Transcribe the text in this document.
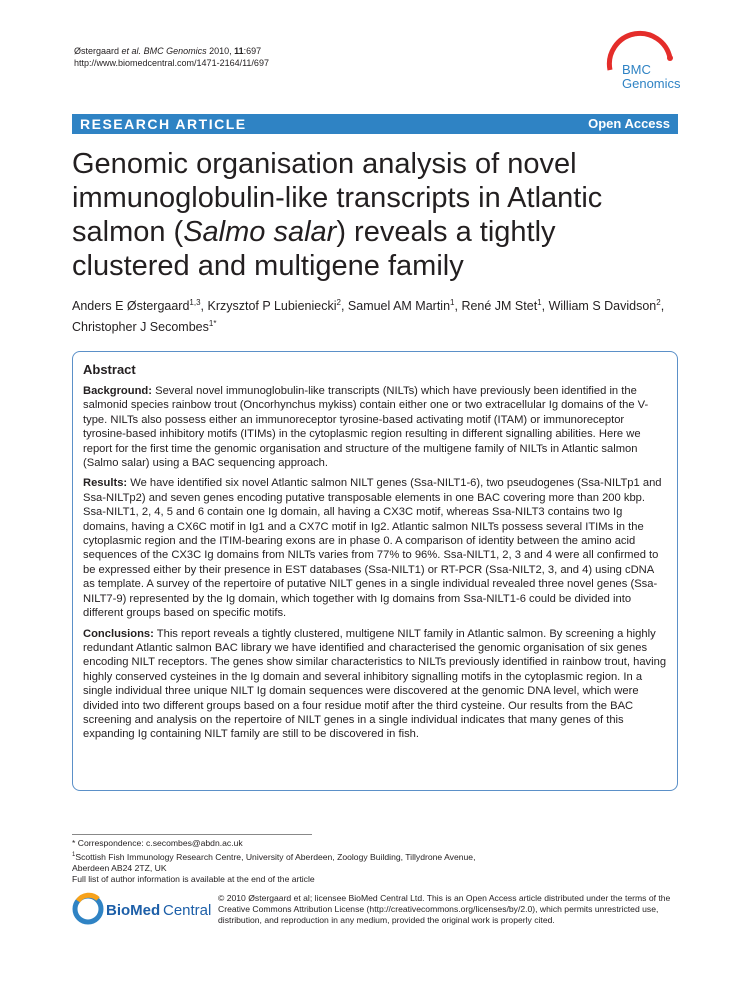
Østergaard et al. BMC Genomics 2010, 11:697
http://www.biomedcentral.com/1471-2164/11/697	BMC
Genomics
RESEARCH ARTICLE	Open Access
Genomic organisation analysis of novel immunoglobulin-like transcripts in Atlantic salmon (Salmo salar) reveals a tightly clustered and multigene family
Anders E Østergaard$^{1,3}$, Krzysztof P Lubieniecki$^2$, Samuel AM Martin$^1$, René JM Stet$^1$, William S Davidson$^2$,
Christopher J Secombes$^{1*}$
Abstract

Background: Several novel immunoglobulin-like transcripts (NILTs) which have previously been identified in the salmonid species rainbow trout (Oncorhynchus mykiss) contain either one or two extracellular Ig domains of the V-type. NILTs also possess either an immunoreceptor tyrosine-based activating motif (ITAM) or immunoreceptor tyrosine-based inhibitory motifs (ITIMs) in the cytoplasmic region resulting in different signalling abilities. Here we report for the first time the genomic organisation and structure of the multigene family of NILTs in Atlantic salmon (Salmo salar) using a BAC sequencing approach.

Results: We have identified six novel Atlantic salmon NILT genes (Ssa-NILT1-6), two pseudogenes (Ssa-NILTp1 and Ssa-NILTp2) and seven genes encoding putative transposable elements in one BAC covering more than 200 kbp. Ssa-NILT1, 2, 4, 5 and 6 contain one Ig domain, all having a CX3C motif, whereas Ssa-NILT3 contains two Ig domains, having a CX6C motif in Ig1 and a CX7C motif in Ig2. Atlantic salmon NILTs possess several ITIMs in the cytoplasmic region and the ITIM-bearing exons are in phase 0. A comparison of identity between the amino acid sequences of the CX3C Ig domains from NILTs varies from 77% to 96%. Ssa-NILT1, 2, 3 and 4 were all confirmed to be expressed either by their presence in EST databases (Ssa-NILT1) or RT-PCR (Ssa-NILT2, 3, and 4) using cDNA as template. A survey of the repertoire of putative NILT genes in a single individual revealed three novel genes (Ssa-NILT7-9) represented by the Ig domain, which together with Ig domains from Ssa-NILT1-6 could be divided into different groups based on specific motifs.

Conclusions: This report reveals a tightly clustered, multigene NILT family in Atlantic salmon. By screening a highly redundant Atlantic salmon BAC library we have identified and characterised the genomic organisation of six genes encoding NILT receptors. The genes show similar characteristics to NILTs previously identified in rainbow trout, having highly conserved cysteines in the Ig domain and several inhibitory signalling motifs in the cytoplasmic region. In a single individual three unique NILT Ig domain sequences were discovered at the genomic DNA level, which were divided into two different groups based on a four residue motif after the third cysteine. Our results from the BAC screening and analysis on the repertoire of NILT genes in a single individual indicates that many genes of this expanding Ig containing NILT family are still to be discovered in fish.

* Correspondence: c.secombes@abdn.ac.uk
$^1$Scottish Fish Immunology Research Centre, University of Aberdeen, Zoology Building, Tillydrone Avenue, Aberdeen AB24 2TZ, UK
Full list of author information is available at the end of the article
BioMed Central
© 2010 Østergaard et al; licensee BioMed Central Ltd. This is an Open Access article distributed under the terms of the Creative Commons Attribution License (http://creativecommons.org/licenses/by/2.0), which permits unrestricted use, distribution, and reproduction in any medium, provided the original work is properly cited.
